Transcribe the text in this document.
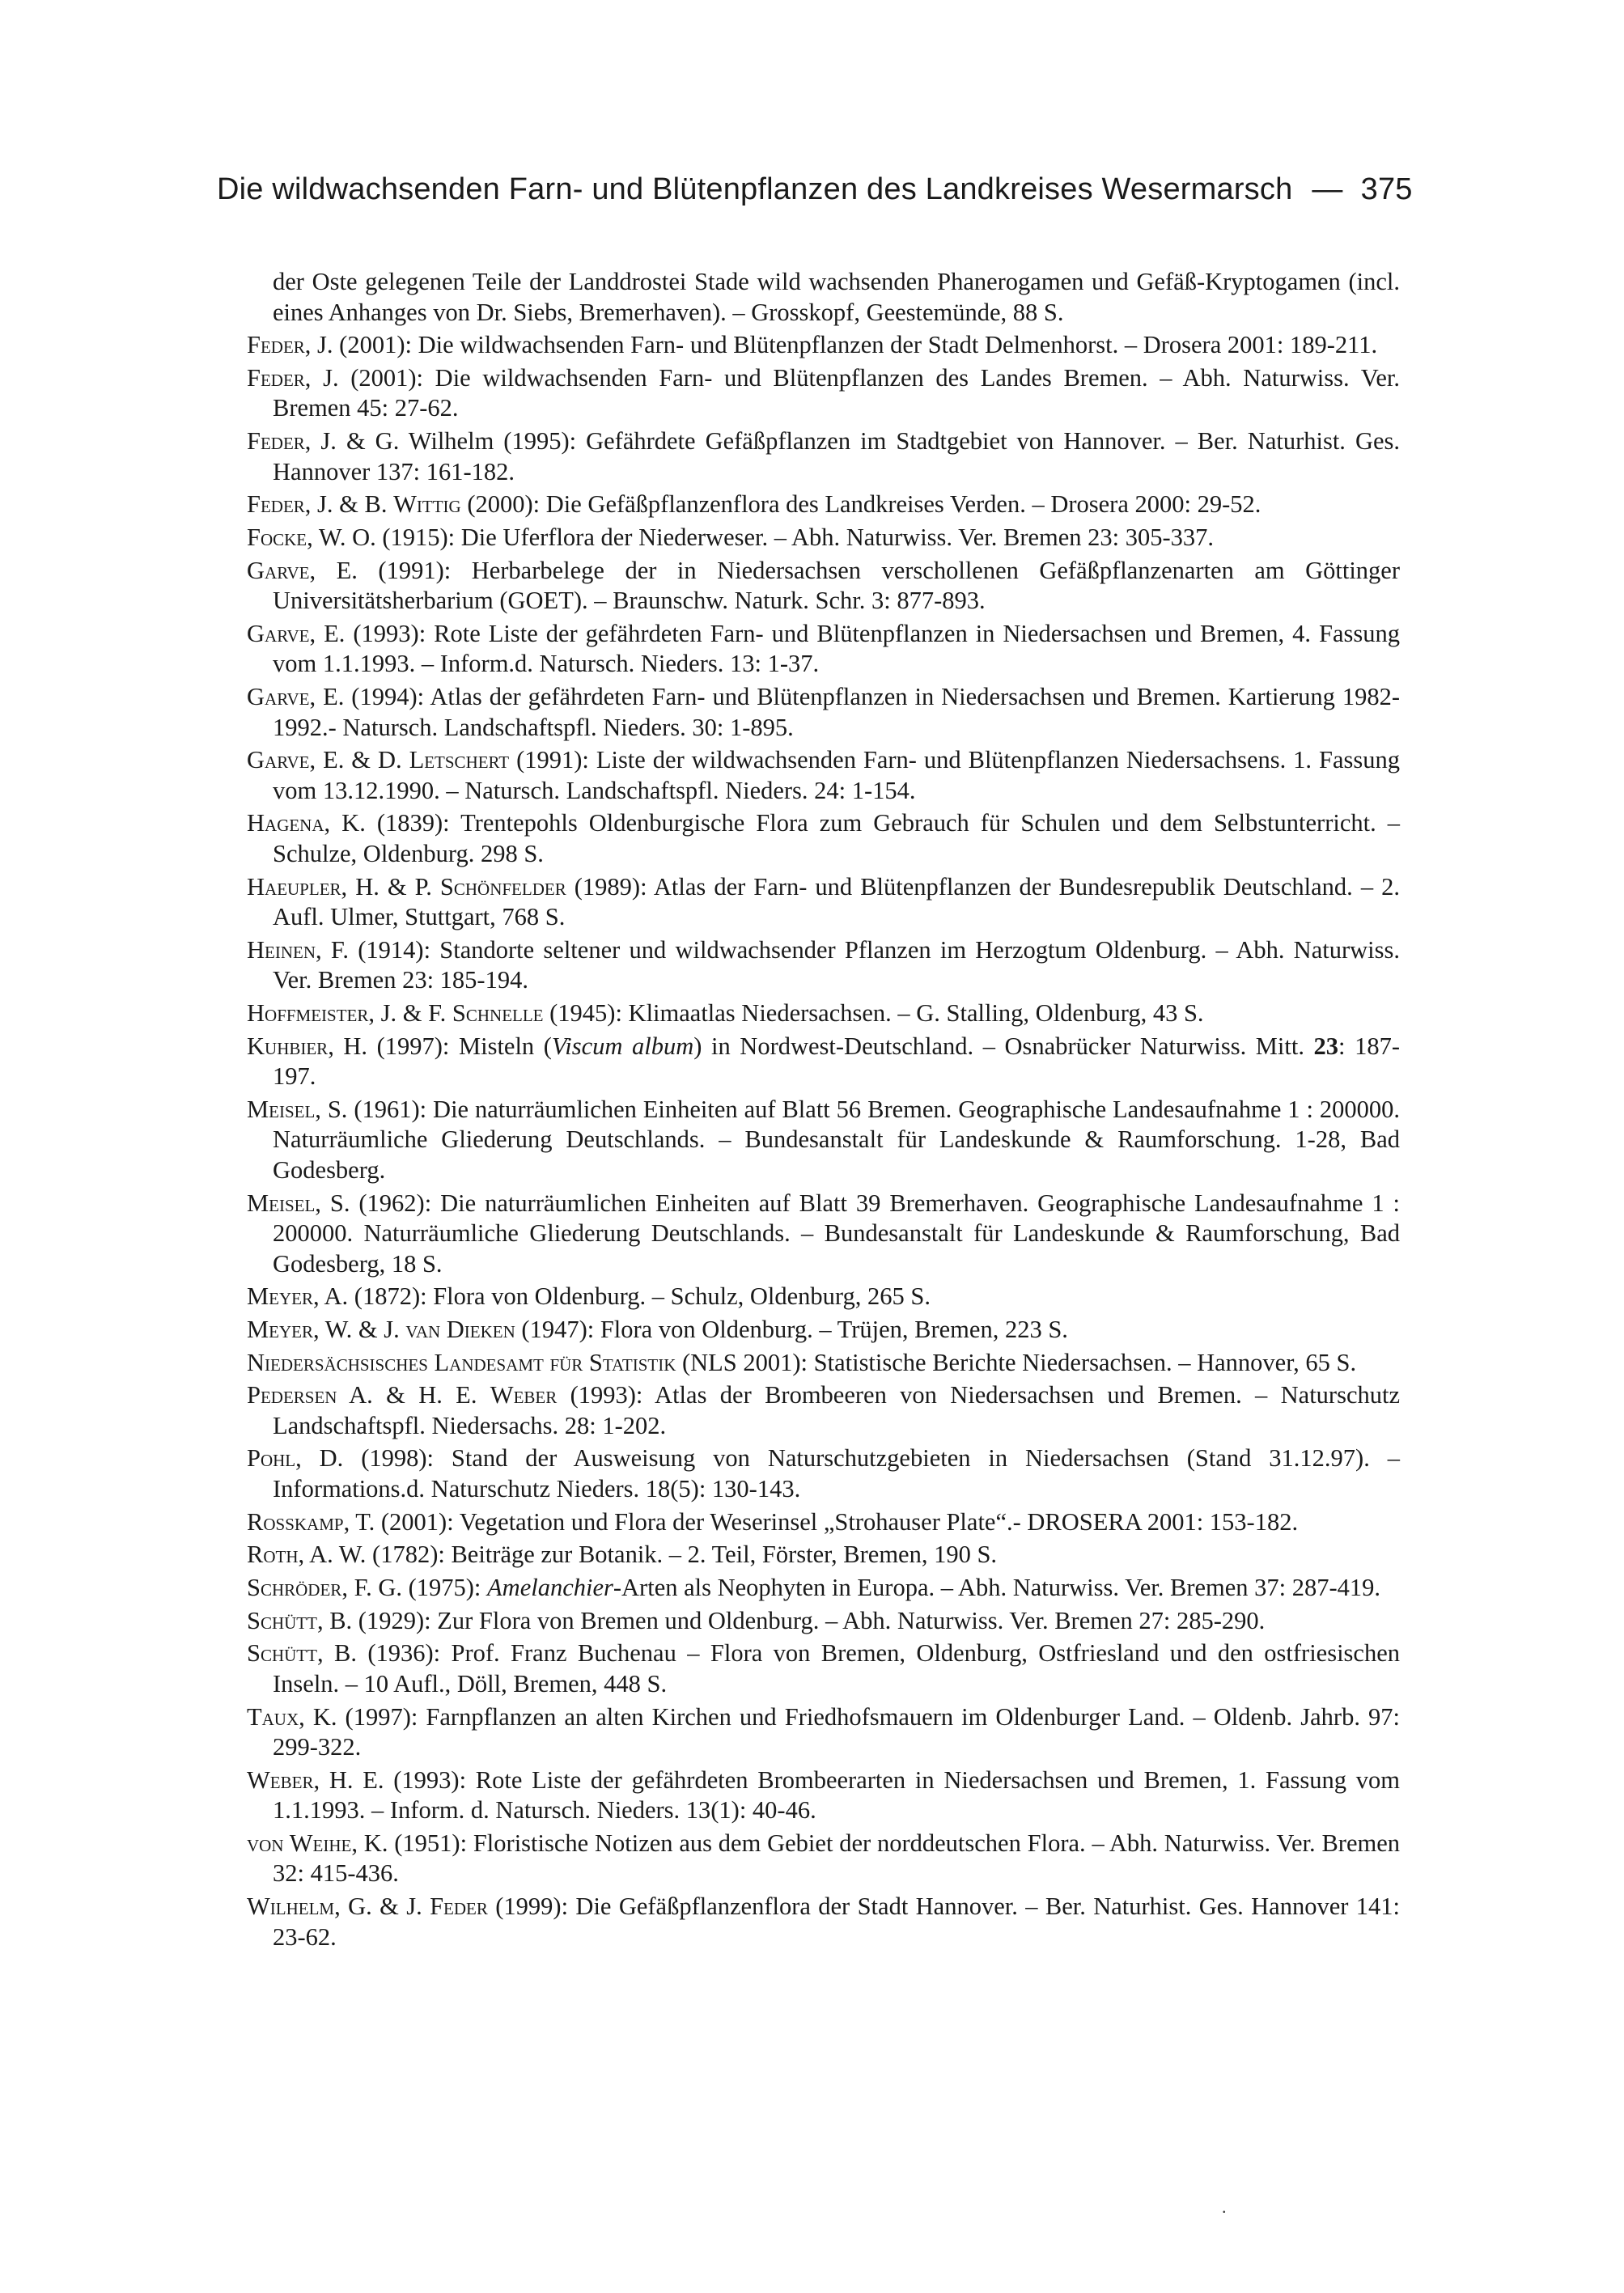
Die wildwachsenden Farn- und Blütenpflanzen des Landkreises Wesermarsch — 375
der Oste gelegenen Teile der Landdrostei Stade wild wachsenden Phanerogamen und Gefäß-Kryptogamen (incl. eines Anhanges von Dr. Siebs, Bremerhaven). – Grosskopf, Geestemünde, 88 S.
Feder, J. (2001): Die wildwachsenden Farn- und Blütenpflanzen der Stadt Delmenhorst. – Drosera 2001: 189-211.
Feder, J. (2001): Die wildwachsenden Farn- und Blütenpflanzen des Landes Bremen. – Abh. Naturwiss. Ver. Bremen 45: 27-62.
Feder, J. & G. Wilhelm (1995): Gefährdete Gefäßpflanzen im Stadtgebiet von Hannover. – Ber. Naturhist. Ges. Hannover 137: 161-182.
Feder, J. & B. Wittig (2000): Die Gefäßpflanzenflora des Landkreises Verden. – Drosera 2000: 29-52.
Focke, W. O. (1915): Die Uferflora der Niederweser. – Abh. Naturwiss. Ver. Bremen 23: 305-337.
Garve, E. (1991): Herbarbelege der in Niedersachsen verschollenen Gefäßpflanzenarten am Göttinger Universitätsherbarium (GOET). – Braunschw. Naturk. Schr. 3: 877-893.
Garve, E. (1993): Rote Liste der gefährdeten Farn- und Blütenpflanzen in Niedersachsen und Bremen, 4. Fassung vom 1.1.1993. – Inform.d. Natursch. Nieders. 13: 1-37.
Garve, E. (1994): Atlas der gefährdeten Farn- und Blütenpflanzen in Niedersachsen und Bremen. Kartierung 1982-1992.- Natursch. Landschaftspfl. Nieders. 30: 1-895.
Garve, E. & D. Letschert (1991): Liste der wildwachsenden Farn- und Blütenpflanzen Niedersachsens. 1. Fassung vom 13.12.1990. – Natursch. Landschaftspfl. Nieders. 24: 1-154.
Hagena, K. (1839): Trentepohls Oldenburgische Flora zum Gebrauch für Schulen und dem Selbstunterricht. – Schulze, Oldenburg. 298 S.
Haeupler, H. & P. Schönfelder (1989): Atlas der Farn- und Blütenpflanzen der Bundesrepublik Deutschland. – 2. Aufl. Ulmer, Stuttgart, 768 S.
Heinen, F. (1914): Standorte seltener und wildwachsender Pflanzen im Herzogtum Oldenburg. – Abh. Naturwiss. Ver. Bremen 23: 185-194.
Hoffmeister, J. & F. Schnelle (1945): Klimaatlas Niedersachsen. – G. Stalling, Oldenburg, 43 S.
Kuhbier, H. (1997): Misteln (Viscum album) in Nordwest-Deutschland. – Osnabrücker Naturwiss. Mitt. 23: 187-197.
Meisel, S. (1961): Die naturräumlichen Einheiten auf Blatt 56 Bremen. Geographische Landesaufnahme 1 : 200000. Naturräumliche Gliederung Deutschlands. – Bundesanstalt für Landeskunde & Raumforschung. 1-28, Bad Godesberg.
Meisel, S. (1962): Die naturräumlichen Einheiten auf Blatt 39 Bremerhaven. Geographische Landesaufnahme 1 : 200000. Naturräumliche Gliederung Deutschlands. – Bundesanstalt für Landeskunde & Raumforschung, Bad Godesberg, 18 S.
Meyer, A. (1872): Flora von Oldenburg. – Schulz, Oldenburg, 265 S.
Meyer, W. & J. van Dieken (1947): Flora von Oldenburg. – Trüjen, Bremen, 223 S.
Niedersächsisches Landesamt für Statistik (NLS 2001): Statistische Berichte Niedersachsen. – Hannover, 65 S.
Pedersen A. & H. E. Weber (1993): Atlas der Brombeeren von Niedersachsen und Bremen. – Naturschutz Landschaftspfl. Niedersachs. 28: 1-202.
Pohl, D. (1998): Stand der Ausweisung von Naturschutzgebieten in Niedersachsen (Stand 31.12.97). – Informations.d. Naturschutz Nieders. 18(5): 130-143.
Roßkamp, T. (2001): Vegetation und Flora der Weserinsel „Strohauser Plate“.- DROSERA 2001: 153-182.
Roth, A. W. (1782): Beiträge zur Botanik. – 2. Teil, Förster, Bremen, 190 S.
Schröder, F. G. (1975): Amelanchier-Arten als Neophyten in Europa. – Abh. Naturwiss. Ver. Bremen 37: 287-419.
Schütt, B. (1929): Zur Flora von Bremen und Oldenburg. – Abh. Naturwiss. Ver. Bremen 27: 285-290.
Schütt, B. (1936): Prof. Franz Buchenau – Flora von Bremen, Oldenburg, Ostfriesland und den ostfriesischen Inseln. – 10 Aufl., Döll, Bremen, 448 S.
Taux, K. (1997): Farnpflanzen an alten Kirchen und Friedhofsmauern im Oldenburger Land. – Oldenb. Jahrb. 97: 299-322.
Weber, H. E. (1993): Rote Liste der gefährdeten Brombeerarten in Niedersachsen und Bremen, 1. Fassung vom 1.1.1993. – Inform. d. Natursch. Nieders. 13(1): 40-46.
von Weihe, K. (1951): Floristische Notizen aus dem Gebiet der norddeutschen Flora. – Abh. Naturwiss. Ver. Bremen 32: 415-436.
Wilhelm, G. & J. Feder (1999): Die Gefäßpflanzenflora der Stadt Hannover. – Ber. Naturhist. Ges. Hannover 141: 23-62.
.
